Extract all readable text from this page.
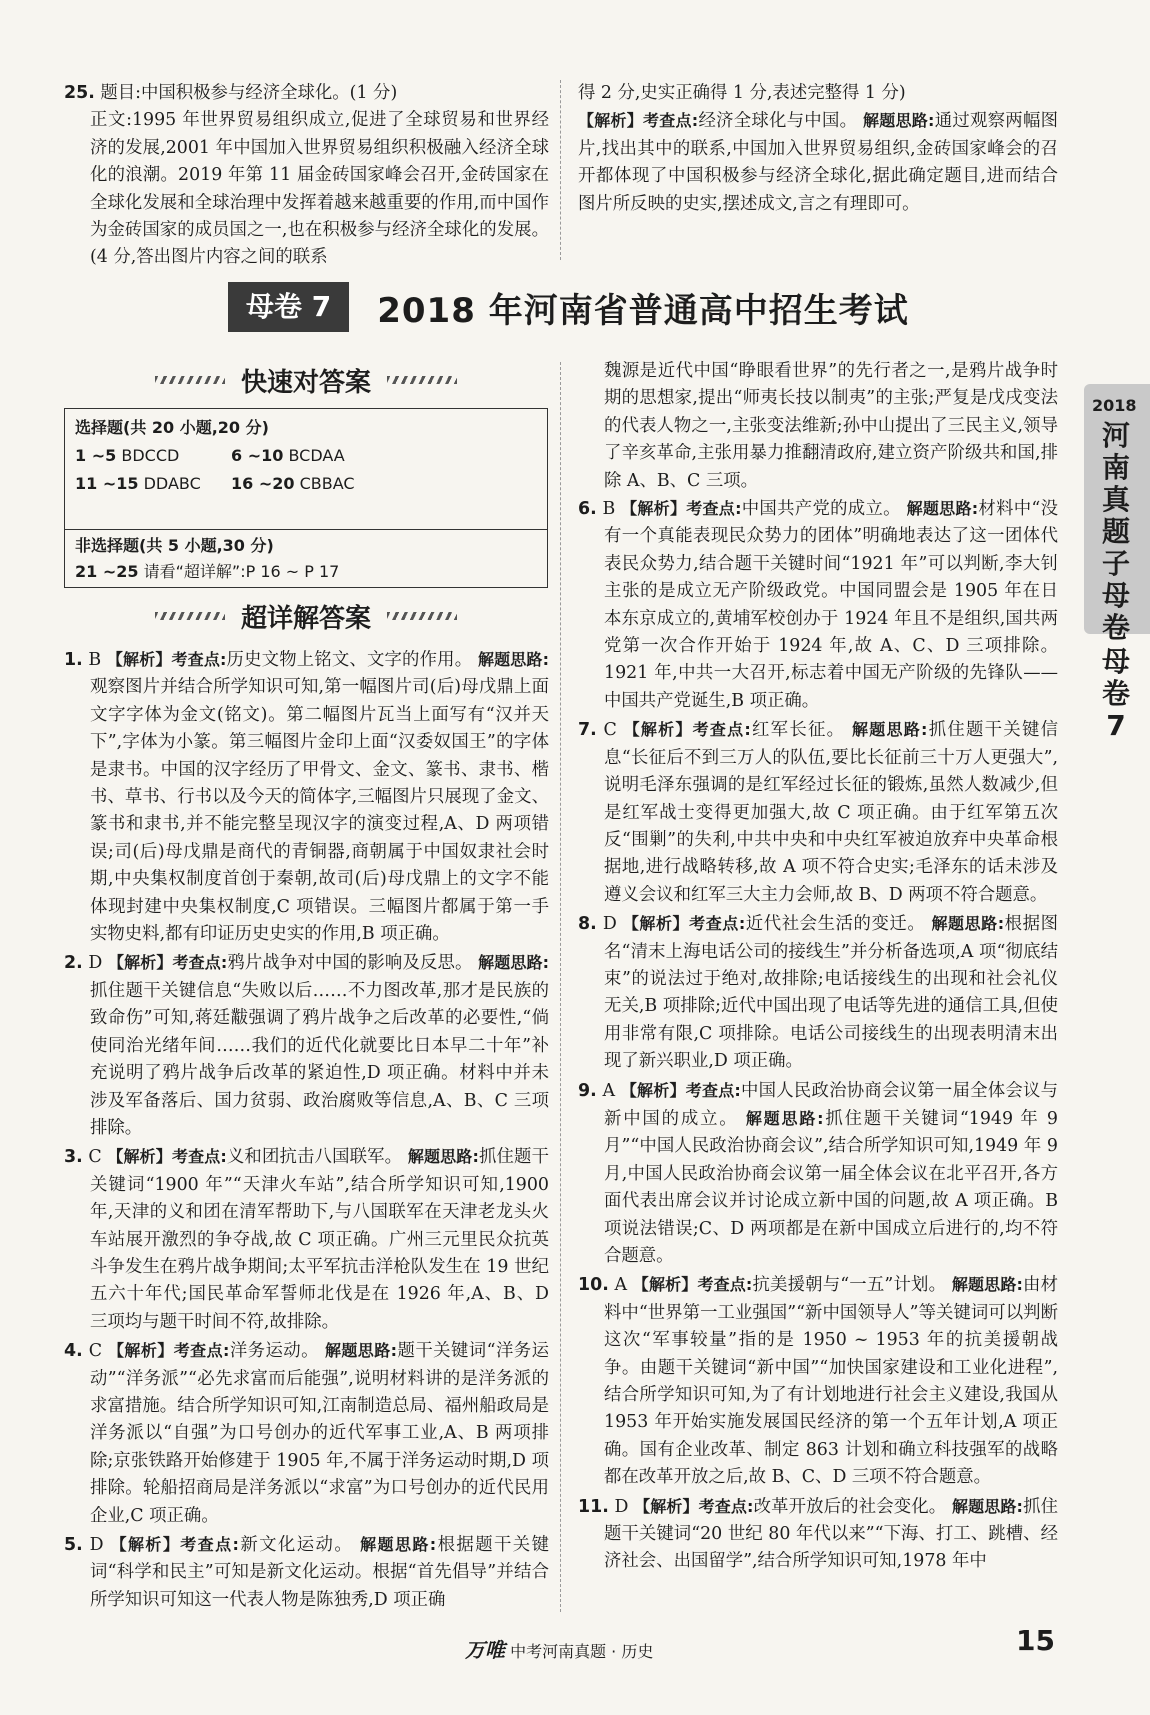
25. 题目:中国积极参与经济全球化。(1 分)
正文:1995 年世界贸易组织成立,促进了全球贸易和世界经济的发展,2001 年中国加入世界贸易组织积极融入经济全球化的浪潮。2019 年第 11 届金砖国家峰会召开,金砖国家在全球化发展和全球治理中发挥着越来越重要的作用,而中国作为金砖国家的成员国之一,也在积极参与经济全球化的发展。(4 分,答出图片内容之间的联系
得 2 分,史实正确得 1 分,表述完整得 1 分)
【解析】考查点:经济全球化与中国。 解题思路:通过观察两幅图片,找出其中的联系,中国加入世界贸易组织,金砖国家峰会的召开都体现了中国积极参与经济全球化,据此确定题目,进而结合图片所反映的史实,摆述成文,言之有理即可。
母卷 7	2018 年河南省普通高中招生考试
快速对答案
选择题(共 20 小题,20 分)
1 ~5 BDCCD	6 ~10 BCDAA
11 ~15 DDABC 16 ~20 CBBAC
非选择题(共 5 小题,30 分)
21 ~25 请看“超详解”:P 16 ~ P 17
超详解答案
1. B 【解析】考查点:历史文物上铭文、文字的作用。 解题思路:观察图片并结合所学知识可知,第一幅图片司(后)母戊鼎上面文字字体为金文(铭文)。第二幅图片瓦当上面写有“汉并天下”,字体为小篆。第三幅图片金印上面“汉委奴国王”的字体是隶书。中国的汉字经历了甲骨文、金文、篆书、隶书、楷书、草书、行书以及今天的简体字,三幅图片只展现了金文、篆书和隶书,并不能完整呈现汉字的演变过程,A、D 两项错误;司(后)母戊鼎是商代的青铜器,商朝属于中国奴隶社会时期,中央集权制度首创于秦朝,故司(后)母戊鼎上的文字不能体现封建中央集权制度,C 项错误。三幅图片都属于第一手实物史料,都有印证历史史实的作用,B 项正确。
2. D 【解析】考查点:鸦片战争对中国的影响及反思。 解题思路:抓住题干关键信息“失败以后……不力图改革,那才是民族的致命伤”可知,蒋廷黻强调了鸦片战争之后改革的必要性,“倘使同治光绪年间……我们的近代化就要比日本早二十年”补充说明了鸦片战争后改革的紧迫性,D 项正确。材料中并未涉及军备落后、国力贫弱、政治腐败等信息,A、B、C 三项排除。
3. C 【解析】考查点:义和团抗击八国联军。 解题思路:抓住题干关键词“1900 年”“天津火车站”,结合所学知识可知,1900 年,天津的义和团在清军帮助下,与八国联军在天津老龙头火车站展开激烈的争夺战,故 C 项正确。广州三元里民众抗英斗争发生在鸦片战争期间;太平军抗击洋枪队发生在 19 世纪五六十年代;国民革命军誓师北伐是在 1926 年,A、B、D 三项均与题干时间不符,故排除。
4. C 【解析】考查点:洋务运动。 解题思路:题干关键词“洋务运动”“洋务派”“必先求富而后能强”,说明材料讲的是洋务派的求富措施。结合所学知识可知,江南制造总局、福州船政局是洋务派以“自强”为口号创办的近代军事工业,A、B 两项排除;京张铁路开始修建于 1905 年,不属于洋务运动时期,D 项排除。轮船招商局是洋务派以“求富”为口号创办的近代民用企业,C 项正确。
5. D 【解析】考查点:新文化运动。 解题思路:根据题干关键词“科学和民主”可知是新文化运动。根据“首先倡导”并结合所学知识可知这一代表人物是陈独秀,D 项正确
魏源是近代中国“睁眼看世界”的先行者之一,是鸦片战争时期的思想家,提出“师夷长技以制夷”的主张;严复是戊戌变法的代表人物之一,主张变法维新;孙中山提出了三民主义,领导了辛亥革命,主张用暴力推翻清政府,建立资产阶级共和国,排除 A、B、C 三项。
6. B 【解析】考查点:中国共产党的成立。 解题思路:材料中“没有一个真能表现民众势力的团体”明确地表达了这一团体代表民众势力,结合题干关键时间“1921 年”可以判断,李大钊主张的是成立无产阶级政党。中国同盟会是 1905 年在日本东京成立的,黄埔军校创办于 1924 年且不是组织,国共两党第一次合作开始于 1924 年,故 A、C、D 三项排除。1921 年,中共一大召开,标志着中国无产阶级的先锋队——中国共产党诞生,B 项正确。
7. C 【解析】考查点:红军长征。 解题思路:抓住题干关键信息“长征后不到三万人的队伍,要比长征前三十万人更强大”,说明毛泽东强调的是红军经过长征的锻炼,虽然人数减少,但是红军战士变得更加强大,故 C 项正确。由于红军第五次反“围剿”的失利,中共中央和中央红军被迫放弃中央革命根据地,进行战略转移,故 A 项不符合史实;毛泽东的话未涉及遵义会议和红军三大主力会师,故 B、D 两项不符合题意。
8. D 【解析】考查点:近代社会生活的变迁。 解题思路:根据图名“清末上海电话公司的接线生”并分析备选项,A 项“彻底结束”的说法过于绝对,故排除;电话接线生的出现和社会礼仪无关,B 项排除;近代中国出现了电话等先进的通信工具,但使用非常有限,C 项排除。电话公司接线生的出现表明清末出现了新兴职业,D 项正确。
9. A 【解析】考查点:中国人民政治协商会议第一届全体会议与新中国的成立。 解题思路:抓住题干关键词“1949 年 9 月”“中国人民政治协商会议”,结合所学知识可知,1949 年 9 月,中国人民政治协商会议第一届全体会议在北平召开,各方面代表出席会议并讨论成立新中国的问题,故 A 项正确。B 项说法错误;C、D 两项都是在新中国成立后进行的,均不符合题意。
10. A 【解析】考查点:抗美援朝与“一五”计划。 解题思路:由材料中“世界第一工业强国”“新中国领导人”等关键词可以判断这次“军事较量”指的是 1950 ~ 1953 年的抗美援朝战争。由题干关键词“新中国”“加快国家建设和工业化进程”,结合所学知识可知,为了有计划地进行社会主义建设,我国从 1953 年开始实施发展国民经济的第一个五年计划,A 项正确。国有企业改革、制定 863 计划和确立科技强军的战略都在改革开放之后,故 B、C、D 三项不符合题意。
11. D 【解析】考查点:改革开放后的社会变化。 解题思路:抓住题干关键词“20 世纪 80 年代以来”“下海、打工、跳槽、经济社会、出国留学”,结合所学知识可知,1978 年中
2018
河南真题子母卷
母卷7
万唯 中考河南真题 · 历史	15
